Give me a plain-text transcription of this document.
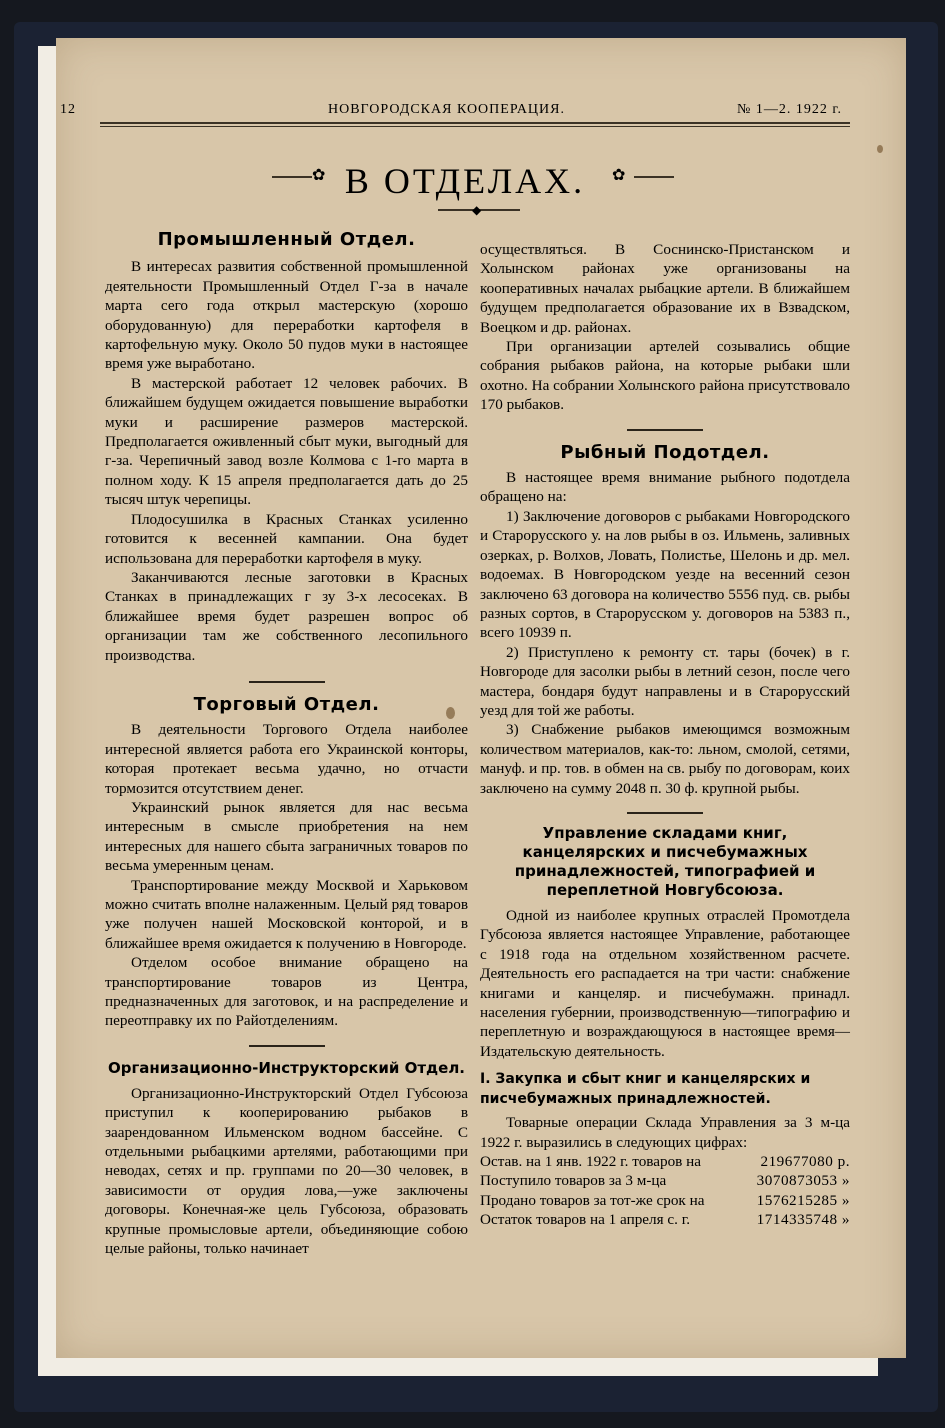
12	НОВГОРОДСКАЯ КООПЕРАЦИЯ.	№ 1—2. 1922 г.
✿ В ОТДЕЛАХ.	✿
◆
Промышленный Отдел.

В интересах развития собственной промышленной деятельности Промышленный Отдел Г-за в начале марта сего года открыл мастерскую (хорошо оборудованную) для переработки картофеля в картофельную муку. Около 50 пудов муки в настоящее время уже выработано.

В мастерской работает 12 человек рабочих. В ближайшем будущем ожидается повышение выработки муки и расширение размеров мастерской. Предполагается оживленный сбыт муки, выгодный для г-за. Черепичный завод возле Колмова с 1-го марта в полном ходу. К 15 апреля предполагается дать до 25 тысяч штук черепицы.

Плодосушилка в Красных Станках усиленно готовится к весенней кампании. Она будет использована для переработки картофеля в муку.

Заканчиваются лесные заготовки в Красных Станках в принадлежащих г зу 3-х лесосеках. В ближайшее время будет разрешен вопрос об организации там же собственного лесопильного производства.

Торговый Отдел.

В деятельности Торгового Отдела наиболее интересной является работа его Украинской конторы, которая протекает весьма удачно, но отчасти тормозится отсутствием денег.

Украинский рынок является для нас весьма интересным в смысле приобретения на нем интересных для нашего сбыта заграничных товаров по весьма умеренным ценам.

Транспортирование между Москвой и Харьковом можно считать вполне налаженным. Целый ряд товаров уже получен нашей Московской конторой, и в ближайшее время ожидается к получению в Новгороде.

Отделом особое внимание обращено на транспортирование товаров из Центра, предназначенных для заготовок, и на распределение и переотправку их по Райотделениям.

Организационно-Инструкторский Отдел.

Организационно-Инструкторский Отдел Губсоюза приступил к кооперированию рыбаков в заарендованном Ильменском водном бассейне. С отдельными рыбацкими артелями, работающими при неводах, сетях и пр. группами по 20—30 человек, в зависимости от орудия лова,—уже заключены договоры. Конечная-же цель Губсоюза, образовать крупные промысловые артели, объединяющие собою целые районы, только начинает

осуществляться. В Соснинско-Пристанском и Холынском районах уже организованы на кооперативных началах рыбацкие артели. В ближайшем будущем предполагается образование их в Взвадском, Воецком и др. районах.

При организации артелей созывались общие собрания рыбаков района, на которые рыбаки шли охотно. На собрании Холынского района присутствовало 170 рыбаков.

Рыбный Подотдел.

В настоящее время внимание рыбного подотдела обращено на:

1) Заключение договоров с рыбаками Новгородского и Старорусского у. на лов рыбы в оз. Ильмень, заливных озерках, р. Волхов, Ловать, Полистье, Шелонь и др. мел. водоемах. В Новгородском уезде на весенний сезон заключено 63 договора на количество 5556 пуд. св. рыбы разных сортов, в Старорусском у. договоров на 5383 п., всего 10939 п.

2) Приступлено к ремонту ст. тары (бочек) в г. Новгороде для засолки рыбы в летний сезон, после чего мастера, бондаря будут направлены и в Старорусский уезд для той же работы.

3) Снабжение рыбаков имеющимся возможным количеством материалов, как-то: льном, смолой, сетями, мануф. и пр. тов. в обмен на св. рыбу по договорам, коих заключено на сумму 2048 п. 30 ф. крупной рыбы.

Управление складами книг, канцелярских и писчебумажных принадлежностей, типографией и переплетной Новгубсоюза.

Одной из наиболее крупных отраслей Промотдела Губсоюза является настоящее Управление, работающее с 1918 года на отдельном хозяйственном расчете. Деятельность его распадается на три части: снабжение книгами и канцеляр. и писчебумажн. принадл. населения губернии, производственную—типографию и переплетную и возраждающуюся в настоящее время—Издательскую деятельность.

I. Закупка и сбыт книг и канцелярских и писчебумажных принадлежностей.

Товарные операции Склада Управления за 3 м-ца 1922 г. выразились в следующих цифрах:

Остав. на 1 янв. 1922 г. товаров на	219677080 р.
Поступило товаров за 3 м-ца	3070873053 »
Продано товаров за тот-же срок на	1576215285 »
Остаток товаров на 1 апреля с. г.	1714335748 »
